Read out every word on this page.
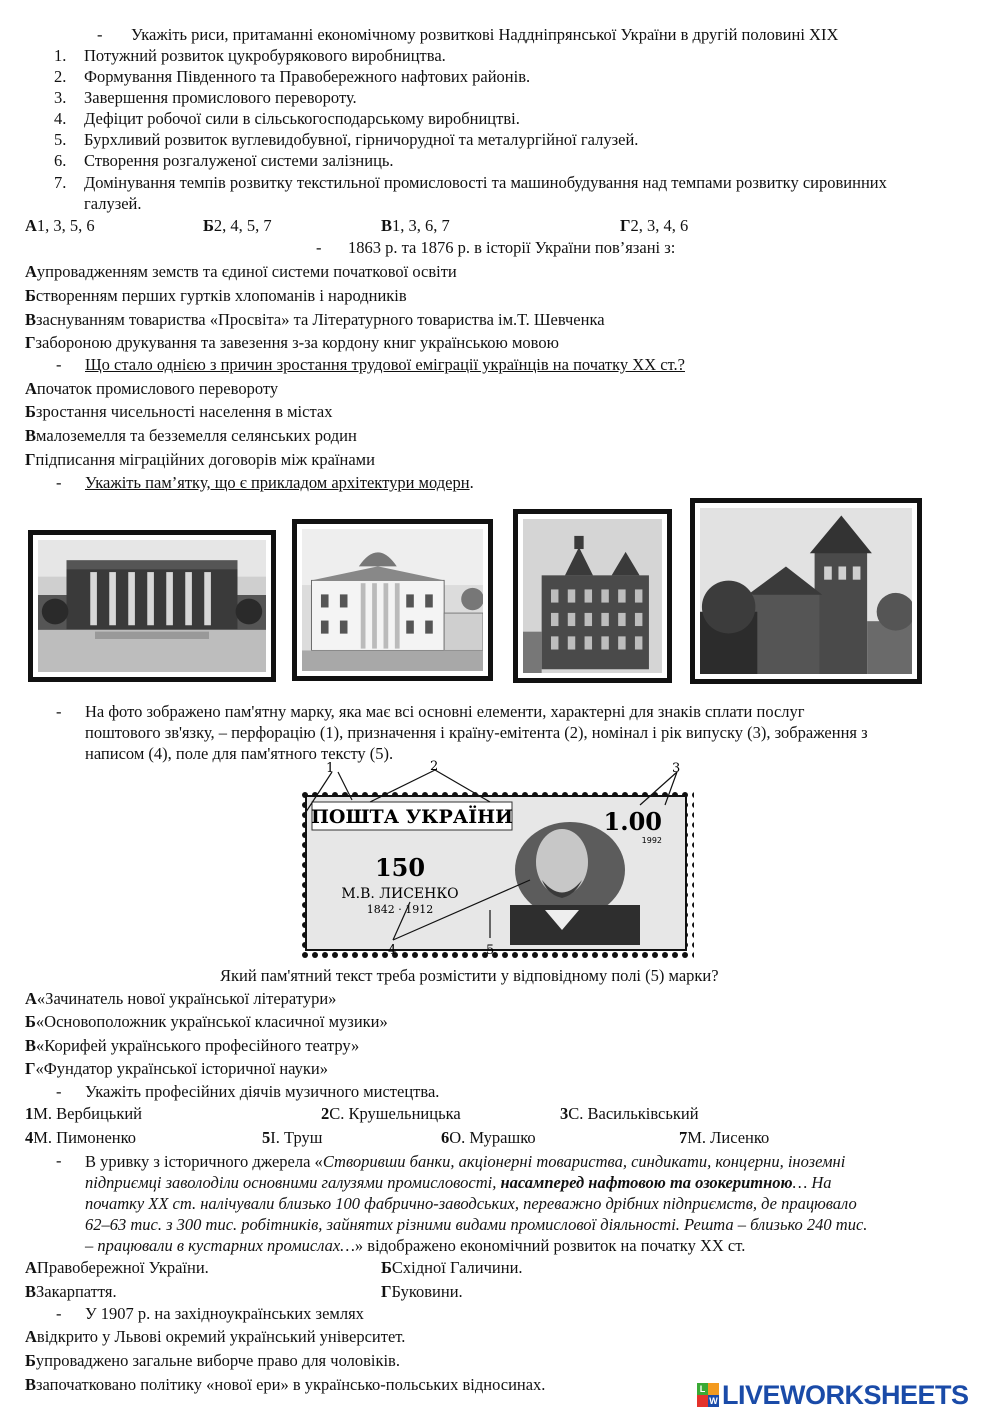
- Укажіть риси, притаманні економічному розвиткові Наддніпрянської України в другій половині ХІХ
1. Потужний розвиток цукробурякового виробництва.
2. Формування Південного та Правобережного нафтових районів.
3. Завершення промислового перевороту.
4. Дефіцит робочої сили в сільськогосподарському виробництві.
5. Бурхливий розвиток вуглевидобувної, гірничорудної та металургійної галузей.
6. Створення розгалуженої системи залізниць.
7. Домінування темпів розвитку текстильної промисловості та машинобудування над темпами розвитку сировинних
галузей.
А1, 3, 5, 6	Б2, 4, 5, 7	В1, 3, 6, 7	Г2, 3, 4, 6
- 1863 р. та 1876 р. в історії України пов’язані з:
Аупровадженням земств та єдиної системи початкової освіти
Бстворенням перших гуртків хлопоманів і народників
Взаснуванням товариства «Просвіта» та Літературного товариства ім.Т. Шевченка
Гзабороною друкування та завезення з-за кордону книг українською мовою
- Що стало однією з причин зростання трудової еміграції українців на початку ХХ ст.?
Апочаток промислового перевороту
Бзростання чисельності населення в містах
Вмалоземелля та безземелля селянських родин
Гпідписання міграційних договорів між країнами
- Укажіть пам’ятку, що є прикладом архітектури модерн.
- На фото зображено пам'ятну марку, яка має всі основні елементи, характерні для знаків сплати послуг
поштового зв'язку, – перфорацію (1), призначення і країну-емітента (2), номінал і рік випуску (3), зображення з
написом (4), поле для пам'ятного тексту (5).
ПОШТА УКРАЇНИ	1.00
1992
150
М.В. ЛИСЕНКО
1842 · 1912
1	2	3
4	5
Який пам'ятний текст треба розмістити у відповідному полі (5) марки?
А«Зачинатель нової української літератури»
Б«Основоположник української класичної музики»
В«Корифей українського професійного театру»
Г«Фундатор української історичної науки»
- Укажіть професійних діячів музичного мистецтва.
1М. Вербицький	2С. Крушельницька	3С. Васильківський
4М. Пимоненко	5І. Труш	6О. Мурашко	7М. Лисенко
- В уривку з історичного джерела «Створивши банки, акціонерні товариства, синдикати, концерни, іноземні
підприємці заволоділи основними галузями промисловості, насамперед нафтовою та озокеритною… На
початку ХХ ст. налічували близько 100 фабрично-заводських, переважно дрібних підприємств, де працювало
62–63 тис. з 300 тис. робітників, зайнятих різними видами промислової діяльності. Решта – близько 240 тис.
– працювали в кустарних промислах…» відображено економічний розвиток на початку ХХ ст.
АПравобережної України.	БСхідної Галичини.
ВЗакарпаття.	ГБуковини.
- У 1907 р. на західноукраїнських землях
Авідкрито у Львові окремий український університет.
Бупроваджено загальне виборче право для чоловіків.
Взапочатковано політику «нової ери» в українсько-польських відносинах.	L
W LIVEWORKSHEETS
